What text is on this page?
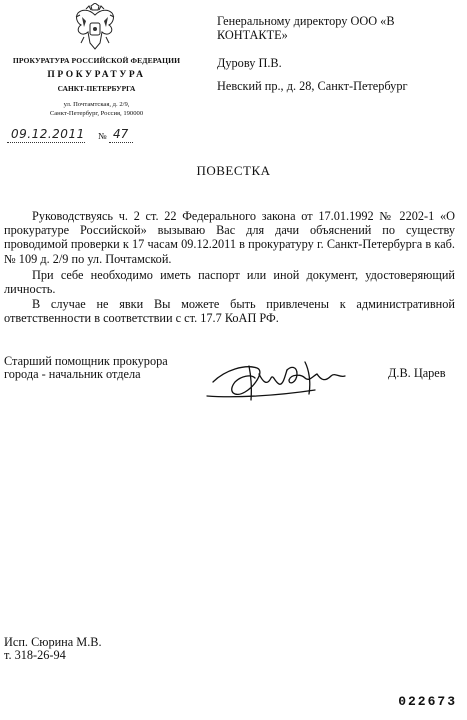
ПРОКУРАТУРА РОССИЙСКОЙ ФЕДЕРАЦИИ
ПРОКУРАТУРА
САНКТ-ПЕТЕРБУРГА
ул. Почтамтская, д. 2/9,
Санкт-Петербург, Россия, 190000
09.12.2011 № 47
Генеральному директору ООО «В КОНТАКТЕ»
Дурову П.В.
Невский пр., д. 28, Санкт-Петербург
ПОВЕСТКА
Руководствуясь ч. 2 ст. 22 Федерального закона от 17.01.1992 № 2202-1 «О прокуратуре Российской» вызываю Вас для дачи объяснений по существу проводимой проверки к 17 часам 09.12.2011 в прокуратуру г. Санкт-Петербурга в каб. № 109 д. 2/9 по ул. Почтамской.
При себе необходимо иметь паспорт или иной документ, удостоверяющий личность.
В случае не явки Вы можете быть привлечены к административной ответственности в соответствии с ст. 17.7 КоАП РФ.
Старший помощник прокурора
города - начальник отдела	Д.В. Царев
Исп. Сюрина М.В.
т. 318-26-94
022673
